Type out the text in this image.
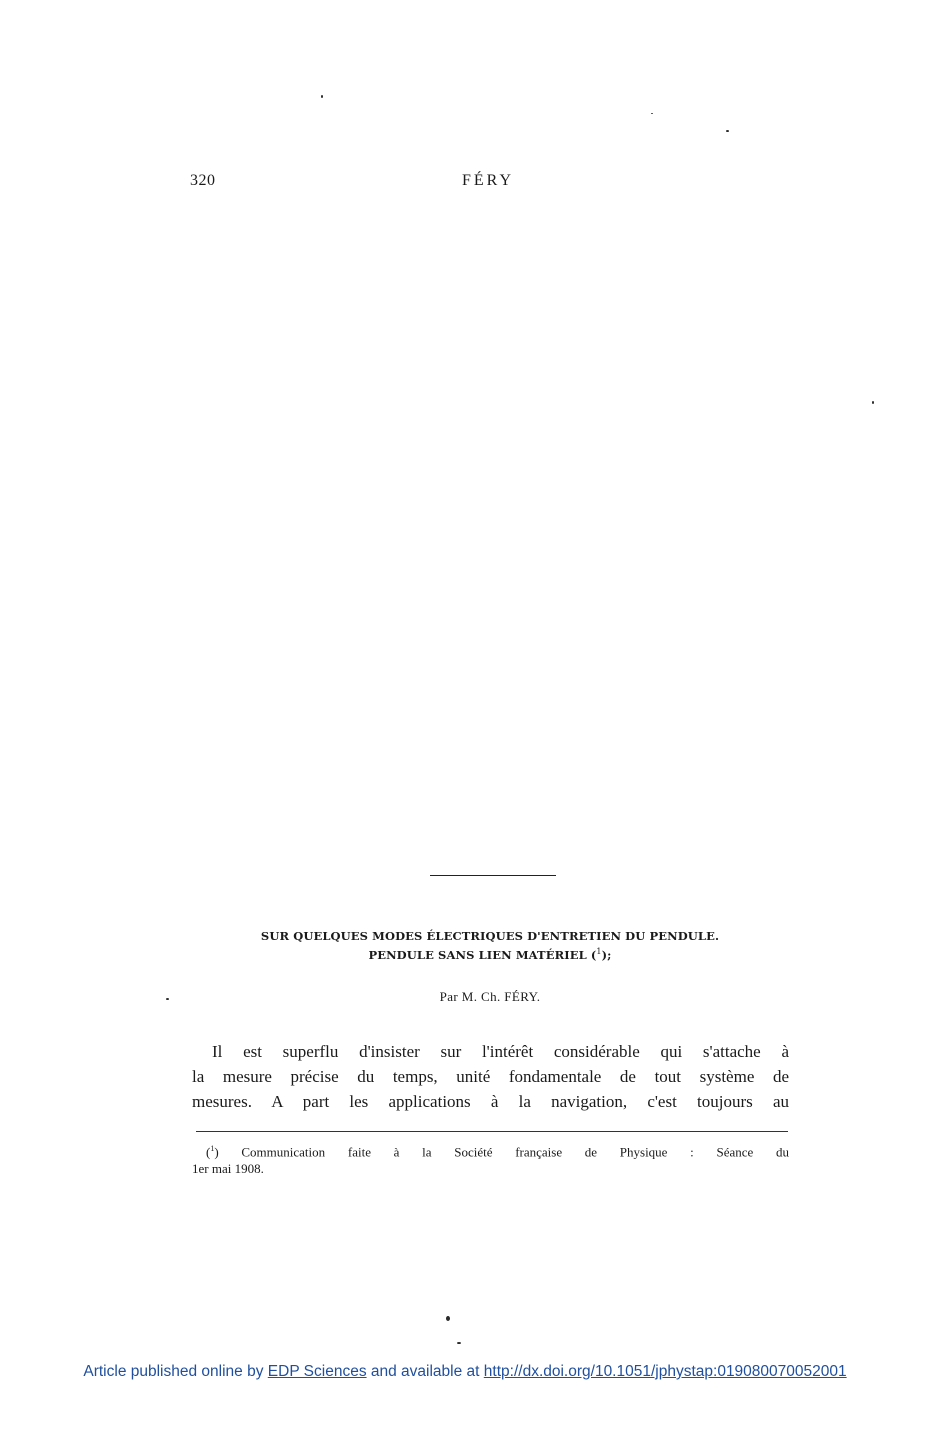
320	FÉRY
SUR QUELQUES MODES ÉLECTRIQUES D'ENTRETIEN DU PENDULE.
PENDULE SANS LIEN MATÉRIEL ($^1$);
Par M. Ch. FÉRY.
Il est superflu d'insister sur l'intérêt considérable qui s'attache à
la mesure précise du temps, unité fondamentale de tout système de
mesures. A part les applications à la navigation, c'est toujours au
($^1$) Communication faite à la Société française de Physique : Séance du
1er mai 1908.
Article published online by EDP Sciences and available at http://dx.doi.org/10.1051/jphystap:019080070052001
